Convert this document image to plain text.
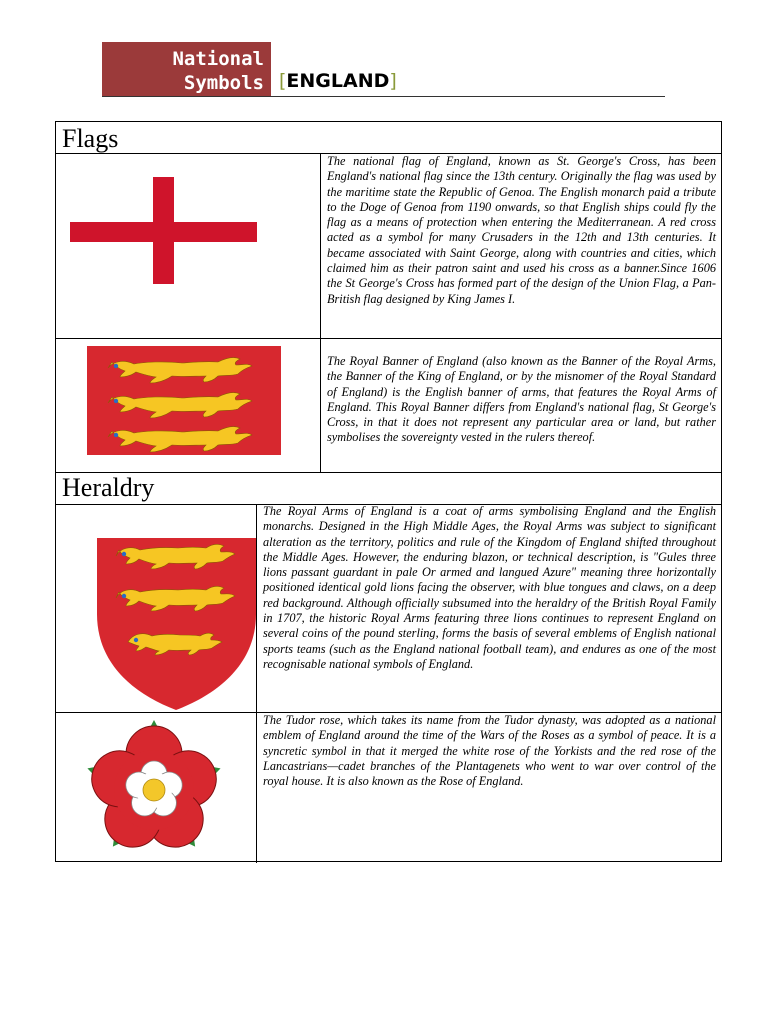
National
Symbols [ENGLAND]
Flags
The national flag of England, known as St. George's Cross, has been England's national flag since the 13th century. Originally the flag was used by the maritime state the Republic of Genoa. The English monarch paid a tribute to the Doge of Genoa from 1190 onwards, so that English ships could fly the flag as a means of protection when entering the Mediterranean. A red cross acted as a symbol for many Crusaders in the 12th and 13th centuries. It became associated with Saint George, along with countries and cities, which claimed him as their patron saint and used his cross as a banner.Since 1606 the St George's Cross has formed part of the design of the Union Flag, a Pan-British flag designed by King James I.
The Royal Banner of England (also known as the Banner of the Royal Arms, the Banner of the King of England, or by the misnomer of the Royal Standard of England) is the English banner of arms, that features the Royal Arms of England. This Royal Banner differs from England's national flag, St George's Cross, in that it does not represent any particular area or land, but rather symbolises the sovereignty vested in the rulers thereof.
Heraldry
The Royal Arms of England is a coat of arms symbolising England and the English monarchs. Designed in the High Middle Ages, the Royal Arms was subject to significant alteration as the territory, politics and rule of the Kingdom of England shifted throughout the Middle Ages. However, the enduring blazon, or technical description, is "Gules three lions passant guardant in pale Or armed and langued Azure" meaning three horizontally positioned identical gold lions facing the observer, with blue tongues and claws, on a deep red background. Although officially subsumed into the heraldry of the British Royal Family in 1707, the historic Royal Arms featuring three lions continues to represent England on several coins of the pound sterling, forms the basis of several emblems of English national sports teams (such as the England national football team), and endures as one of the most recognisable national symbols of England.
The Tudor rose, which takes its name from the Tudor dynasty, was adopted as a national emblem of England around the time of the Wars of the Roses as a symbol of peace. It is a syncretic symbol in that it merged the white rose of the Yorkists and the red rose of the Lancastrians—cadet branches of the Plantagenets who went to war over control of the royal house. It is also known as the Rose of England.
